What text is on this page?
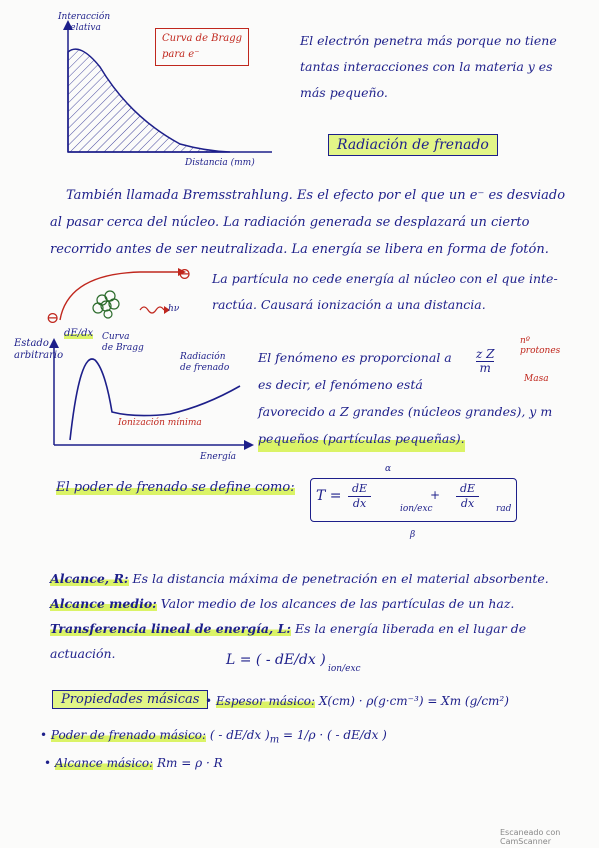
Interacción
relativa
Distancia (mm)
Curva de Bragg
para e⁻
El electrón penetra más porque no tiene
tantas interacciones con la materia y es
más pequeño.
Radiación de frenado
También llamada Bremsstrahlung. Es el efecto por el que un e⁻ es desviado
al pasar cerca del núcleo. La radiación generada se desplazará un cierto
recorrido antes de ser neutralizada. La energía se libera en forma de fotón.
⊖
⊖	hν
La partícula no cede energía al núcleo con el que inte-
ractúa. Causará ionización a una distancia.
Estado
arbitrario
dE/dx Curva
de Bragg
Radiación
de frenado
Ionización mínima
Energía
El fenómeno es proporcional a
es decir, el fenómeno está
favorecido a Z grandes (núcleos grandes), y m
pequeños (partículas pequeñas).
$\frac{\text{z Z}}{m}$
nº
protones
Masa
El poder de frenado se define como:
α
β
$T = \frac{dE}{dx}$	ion/exc
+ $\frac{dE}{dx}$ rad
Alcance, R: Es la distancia máxima de penetración en el material absorbente.
Alcance medio: Valor medio de los alcances de las partículas de un haz.
Transferencia lineal de energía, L: Es la energía liberada en el lugar de
actuación.	L = ( - dE/dx )
ion/exc
Propiedades másicas • Espesor másico: X(cm) · ρ(g·cm⁻³) = Xm (g/cm²)
• Poder de frenado másico: ( - dE/dx )$_m = 1/\rho$ · ( - dE/dx )
• Alcance másico: Rm = ρ · R
Escaneado con CamScanner
